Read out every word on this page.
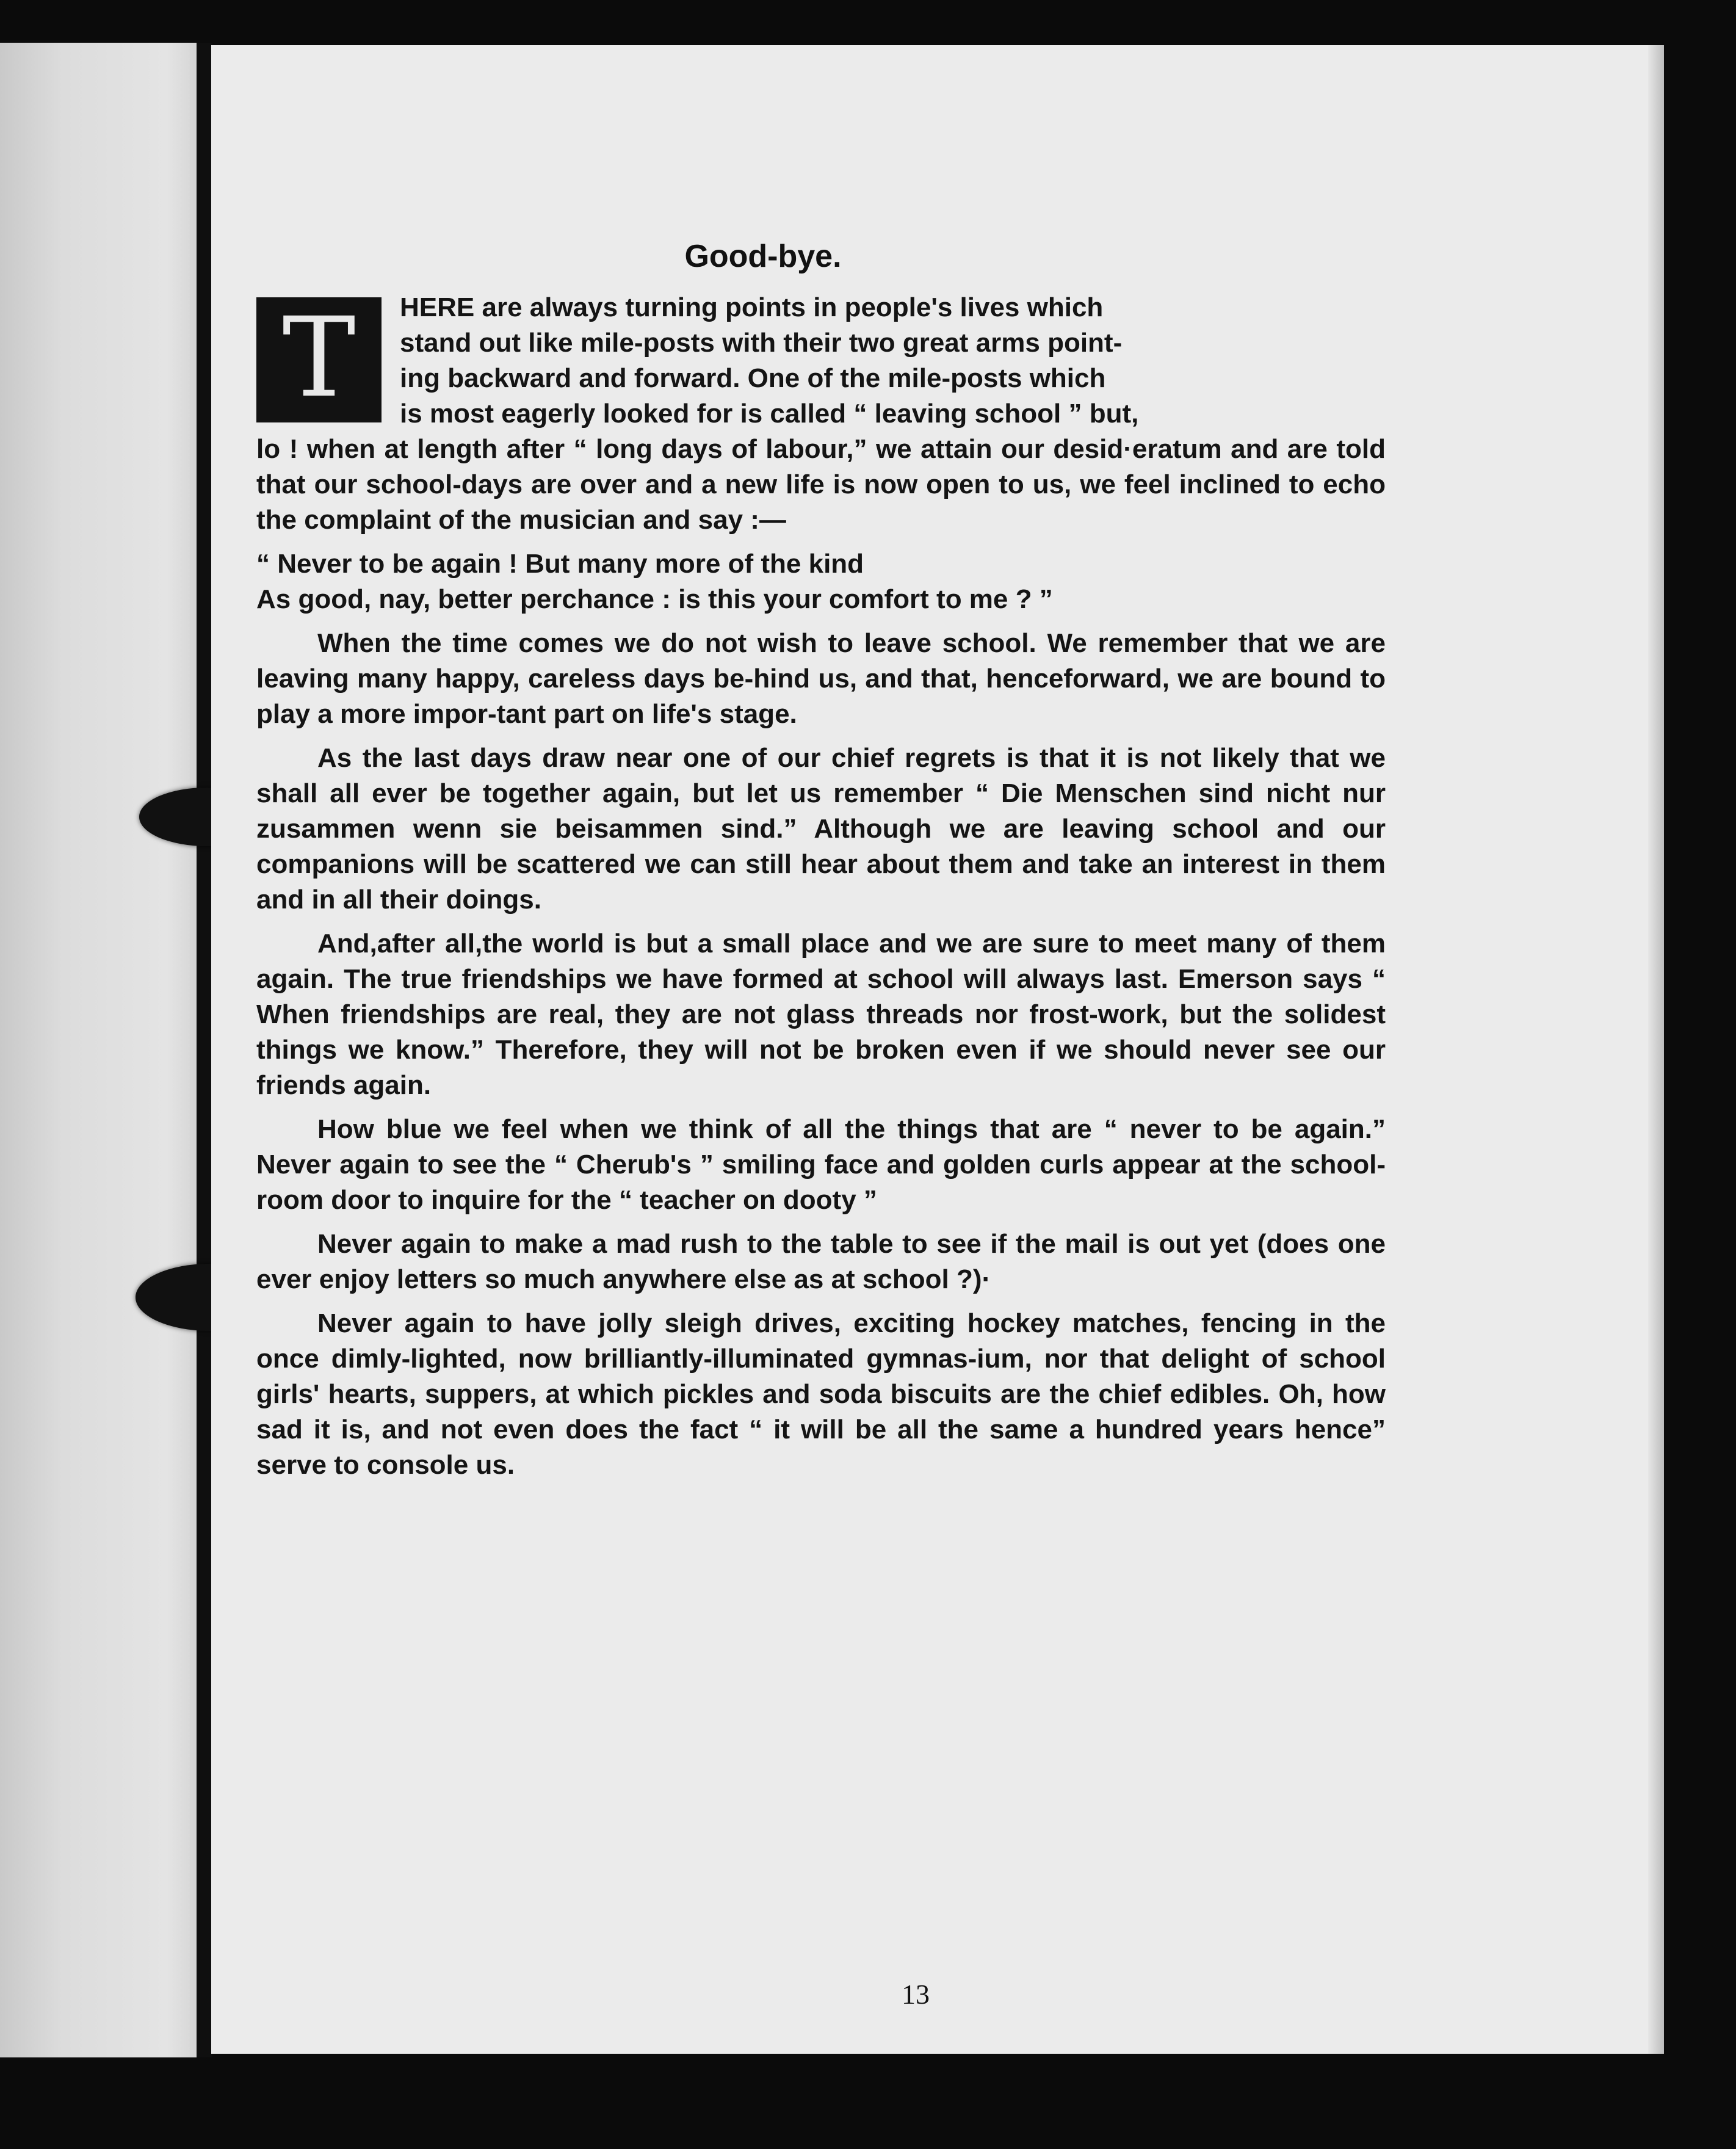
Good-bye.
T	HERE are always turning points in people's lives which

stand out like mile-posts with their two great arms point-

ing backward and forward. One of the mile-posts which

is most eagerly looked for is called “ leaving school ” but,

lo ! when at length after “ long days of labour,” we attain our desid·eratum and are told that our school-days are over and a new life is now open to us, we feel inclined to echo the complaint of the musician and say :—

“ Never to be again ! But many more of the kind

As good, nay, better perchance : is this your comfort to me ? ”

When the time comes we do not wish to leave school. We remember that we are leaving many happy, careless days be-hind us, and that, henceforward, we are bound to play a more impor-tant part on life's stage.

As the last days draw near one of our chief regrets is that it is not likely that we shall all ever be together again, but let us remember “ Die Menschen sind nicht nur zusammen wenn sie beisammen sind.” Although we are leaving school and our companions will be scattered we can still hear about them and take an interest in them and in all their doings.

And,after all,the world is but a small place and we are sure to meet many of them again. The true friendships we have formed at school will always last. Emerson says “ When friendships are real, they are not glass threads nor frost-work, but the solidest things we know.” Therefore, they will not be broken even if we should never see our friends again.

How blue we feel when we think of all the things that are “ never to be again.” Never again to see the “ Cherub's ” smiling face and golden curls appear at the school-room door to inquire for the “ teacher on dooty ”

Never again to make a mad rush to the table to see if the mail is out yet (does one ever enjoy letters so much anywhere else as at school ?)·

Never again to have jolly sleigh drives, exciting hockey matches, fencing in the once dimly-lighted, now brilliantly-illuminated gymnas-ium, nor that delight of school girls' hearts, suppers, at which pickles and soda biscuits are the chief edibles. Oh, how sad it is, and not even does the fact “ it will be all the same a hundred years hence” serve to console us.

13
